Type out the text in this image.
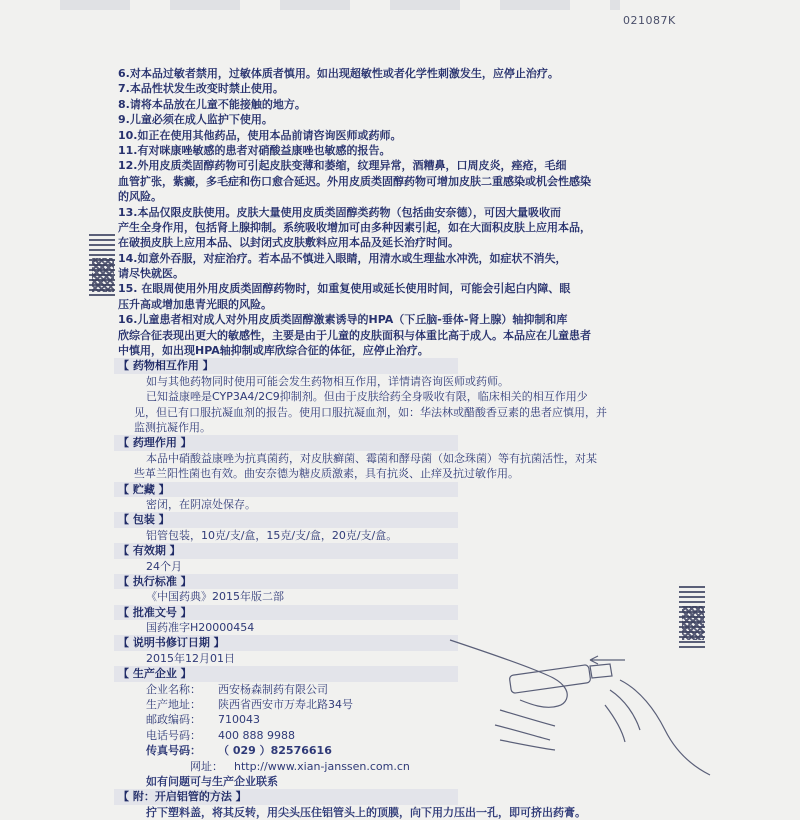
021087K
6.对本品过敏者禁用，过敏体质者慎用。如出现超敏性或者化学性刺激发生，应停止治疗。
7.本品性状发生改变时禁止使用。
8.请将本品放在儿童不能接触的地方。
9.儿童必须在成人监护下使用。
10.如正在使用其他药品，使用本品前请咨询医师或药师。
11.有对咪康唑敏感的患者对硝酸益康唑也敏感的报告。
12.外用皮质类固醇药物可引起皮肤变薄和萎缩，纹理异常，酒糟鼻，口周皮炎，痤疮，毛细
血管扩张，紫癜，多毛症和伤口愈合延迟。外用皮质类固醇药物可增加皮肤二重感染或机会性感染
的风险。
13.本品仅限皮肤使用。皮肤大量使用皮质类固醇类药物（包括曲安奈德），可因大量吸收而
产生全身作用，包括肾上腺抑制。系统吸收增加可由多种因素引起，如在大面积皮肤上应用本品，
在破损皮肤上应用本品、以封闭式皮肤敷料应用本品及延长治疗时间。
14.如意外吞服，对症治疗。若本品不慎进入眼睛，用清水或生理盐水冲洗，如症状不消失，
请尽快就医。
15. 在眼周使用外用皮质类固醇药物时，如重复使用或延长使用时间，可能会引起白内障、眼
压升高或增加患青光眼的风险。
16.儿童患者相对成人对外用皮质类固醇激素诱导的HPA（下丘脑-垂体-肾上腺）轴抑制和库
欣综合征表现出更大的敏感性，主要是由于儿童的皮肤面积与体重比高于成人。本品应在儿童患者
中慎用，如出现HPA轴抑制或库欣综合征的体征，应停止治疗。
【 药物相互作用 】
如与其他药物同时使用可能会发生药物相互作用，详情请咨询医师或药师。
已知益康唑是CYP3A4/2C9抑制剂。但由于皮肤给药全身吸收有限，临床相关的相互作用少
见，但已有口服抗凝血剂的报告。使用口服抗凝血剂，如：华法林或醋酸香豆素的患者应慎用，并
监测抗凝作用。
【 药理作用 】
本品中硝酸益康唑为抗真菌药，对皮肤癣菌、霉菌和酵母菌（如念珠菌）等有抗菌活性，对某
些革兰阳性菌也有效。曲安奈德为糖皮质激素，具有抗炎、止痒及抗过敏作用。
【 贮藏 】
密闭，在阴凉处保存。
【 包装 】
铝管包装，10克/支/盒，15克/支/盒，20克/支/盒。
【 有效期 】
24个月
【 执行标准 】
《中国药典》2015年版二部
【 批准文号 】
国药准字H20000454
【 说明书修订日期 】
2015年12月01日
【 生产企业 】
企业名称：	西安杨森制药有限公司
生产地址：	陕西省西安市万寿北路34号
邮政编码：	710043
电话号码：	400 888 9988
传真号码：	（ 029 ）82576616
网址：	http://www.xian-janssen.com.cn
如有问题可与生产企业联系
【 附：开启铝管的方法 】
拧下塑料盖，将其反转，用尖头压住铝管头上的顶膜，向下用力压出一孔，即可挤出药膏。
